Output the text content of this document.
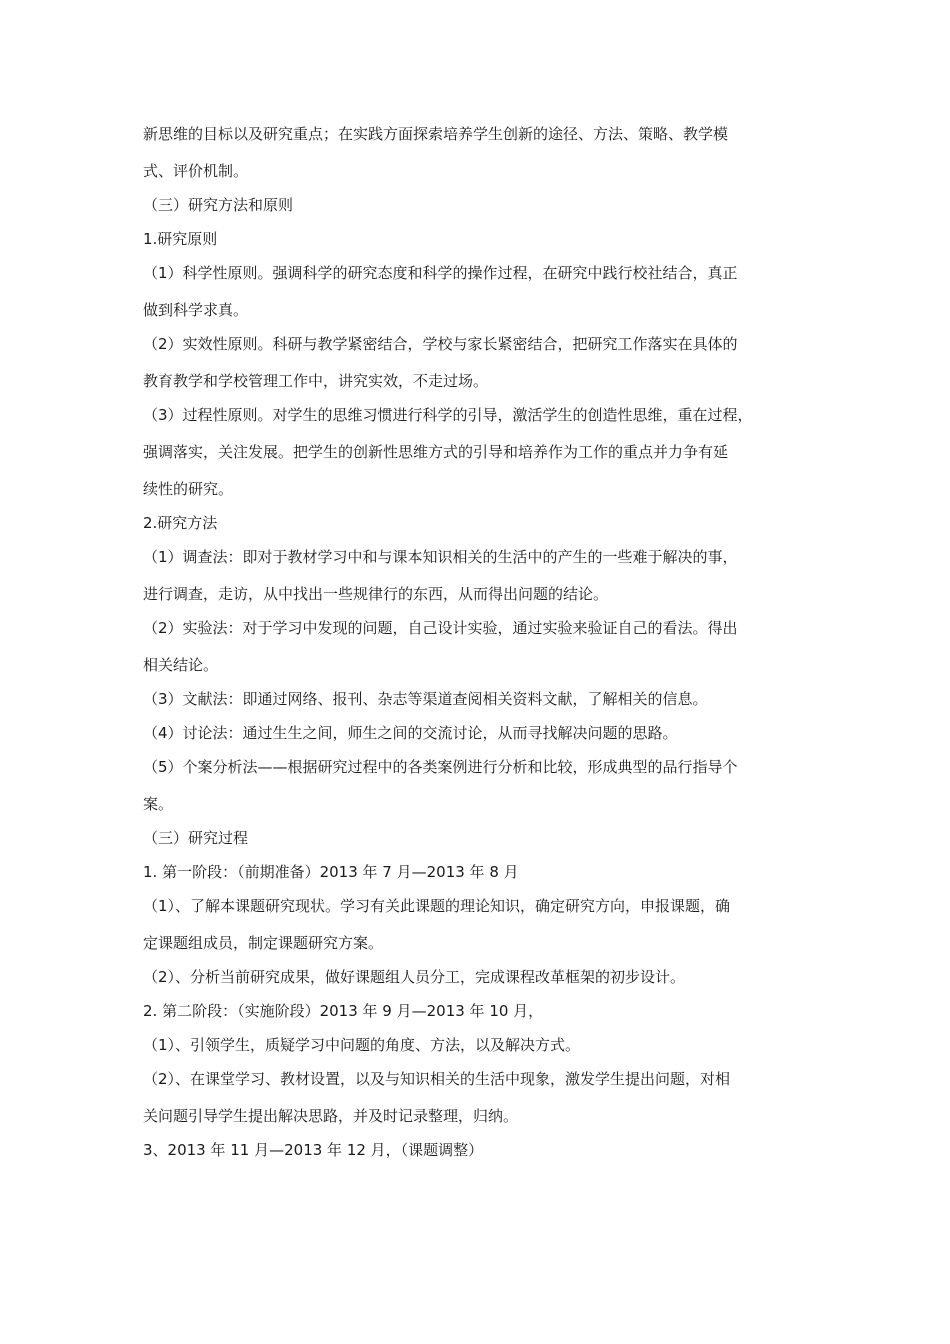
新思维的目标以及研究重点；在实践方面探索培养学生创新的途径、方法、策略、教学模
式、评价机制。
（三）研究方法和原则
1.研究原则
（1）科学性原则。强调科学的研究态度和科学的操作过程，在研究中践行校社结合，真正
做到科学求真。
（2）实效性原则。科研与教学紧密结合，学校与家长紧密结合，把研究工作落实在具体的
教育教学和学校管理工作中，讲究实效，不走过场。
（3）过程性原则。对学生的思维习惯进行科学的引导，激活学生的创造性思维，重在过程，
强调落实，关注发展。把学生的创新性思维方式的引导和培养作为工作的重点并力争有延
续性的研究。
2.研究方法
（1）调查法：即对于教材学习中和与课本知识相关的生活中的产生的一些难于解决的事，
进行调查，走访，从中找出一些规律行的东西，从而得出问题的结论。
（2）实验法：对于学习中发现的问题，自己设计实验，通过实验来验证自己的看法。得出
相关结论。
（3）文献法：即通过网络、报刊、杂志等渠道查阅相关资料文献，了解相关的信息。
（4）讨论法：通过生生之间，师生之间的交流讨论，从而寻找解决问题的思路。
（5）个案分析法——根据研究过程中的各类案例进行分析和比较，形成典型的品行指导个
案。
（三）研究过程
1. 第一阶段：（前期准备）2013 年 7 月—2013 年 8 月
（1）、了解本课题研究现状。学习有关此课题的理论知识，确定研究方向，申报课题，确
定课题组成员，制定课题研究方案。
（2）、分析当前研究成果，做好课题组人员分工，完成课程改革框架的初步设计。
2. 第二阶段：（实施阶段）2013 年 9 月—2013 年 10 月，
（1）、引领学生，质疑学习中问题的角度、方法，以及解决方式。
（2）、在课堂学习、教材设置，以及与知识相关的生活中现象，激发学生提出问题，对相
关问题引导学生提出解决思路，并及时记录整理，归纳。
3、2013 年 11 月—2013 年 12 月，（课题调整）
